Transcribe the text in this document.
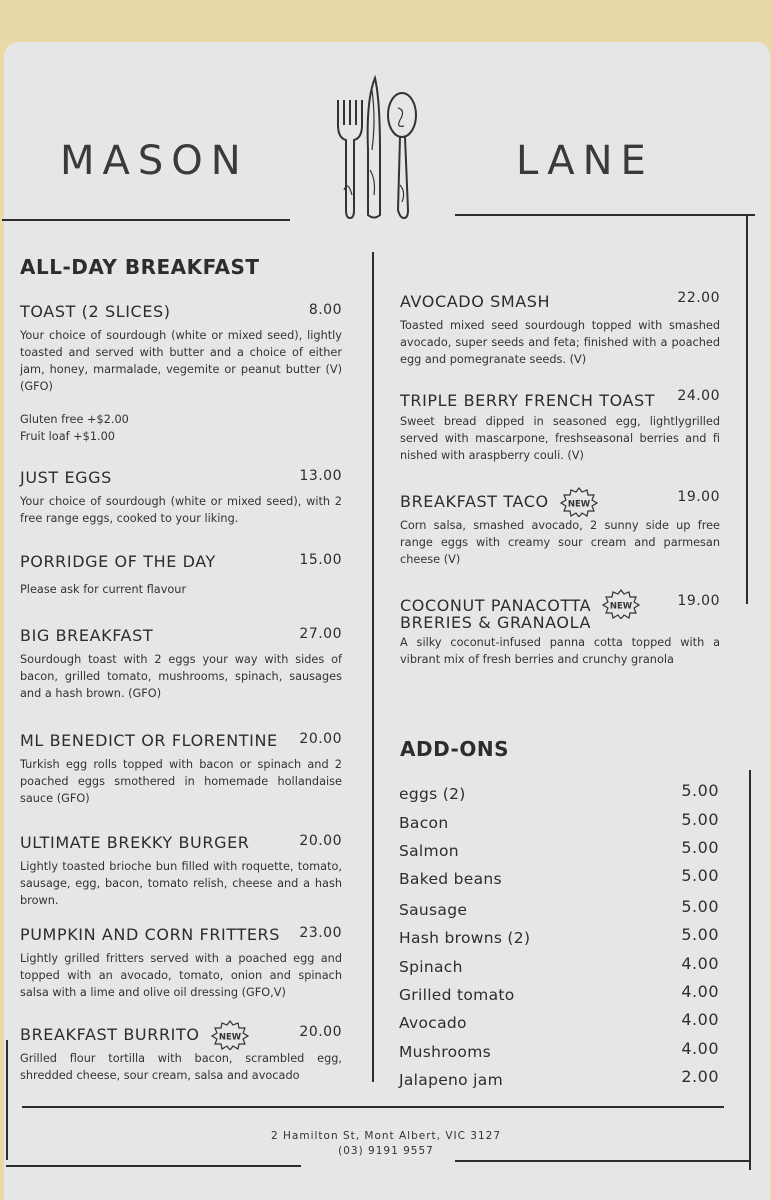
MASON	LANE
ALL-DAY BREAKFAST
TOAST (2 SLICES)	8.00
Your choice of sourdough (white or mixed seed), lightly toasted and served with butter and a choice of either jam, honey, marmalade, vegemite or peanut butter (V)(GFO)
Gluten free +$2.00
Fruit loaf +$1.00
JUST EGGS	13.00
Your choice of sourdough (white or mixed seed), with 2 free range eggs, cooked to your liking.
PORRIDGE OF THE DAY	15.00
Please ask for current flavour
BIG BREAKFAST	27.00
Sourdough toast with 2 eggs your way with sides of bacon, grilled tomato, mushrooms, spinach, sausages and a hash brown. (GFO)
ML BENEDICT OR FLORENTINE 20.00
Turkish egg rolls topped with bacon or spinach and 2 poached eggs smothered in homemade hollandaise sauce (GFO)
ULTIMATE BREKKY BURGER	20.00
Lightly toasted brioche bun filled with roquette, tomato, sausage, egg, bacon, tomato relish, cheese and a hash brown.
PUMPKIN AND CORN FRITTERS 23.00
Lightly grilled fritters served with a poached egg and topped with an avocado, tomato, onion and spinach salsa with a lime and olive oil dressing (GFO,V)
BREAKFAST BURRITO NEW	20.00
Grilled flour tortilla with bacon, scrambled egg, shredded cheese, sour cream, salsa and avocado
AVOCADO SMASH	22.00
Toasted mixed seed sourdough topped with smashed avocado, super seeds and feta; finished with a poached egg and pomegranate seeds. (V)
TRIPLE BERRY FRENCH TOAST 24.00
Sweet bread dipped in seasoned egg, lightlygrilled served with mascarpone, freshseasonal berries and fi nished with araspberry couli. (V)
BREAKFAST TACO NEW	19.00
Corn salsa, smashed avocado, 2 sunny side up free range eggs with creamy sour cream and parmesan cheese (V)
COCONUT PANACOTTA NEW	19.00
BRERIES & GRANAOLA
A silky coconut-infused panna cotta topped with a vibrant mix of fresh berries and crunchy granola
ADD-ONS
eggs (2)	5.00
Bacon	5.00
Salmon	5.00
Baked beans	5.00
Sausage	5.00
Hash browns (2)	5.00
Spinach	4.00
Grilled tomato	4.00
Avocado	4.00
Mushrooms	4.00
Jalapeno jam	2.00
2 Hamilton St, Mont Albert, VIC 3127
(03) 9191 9557
